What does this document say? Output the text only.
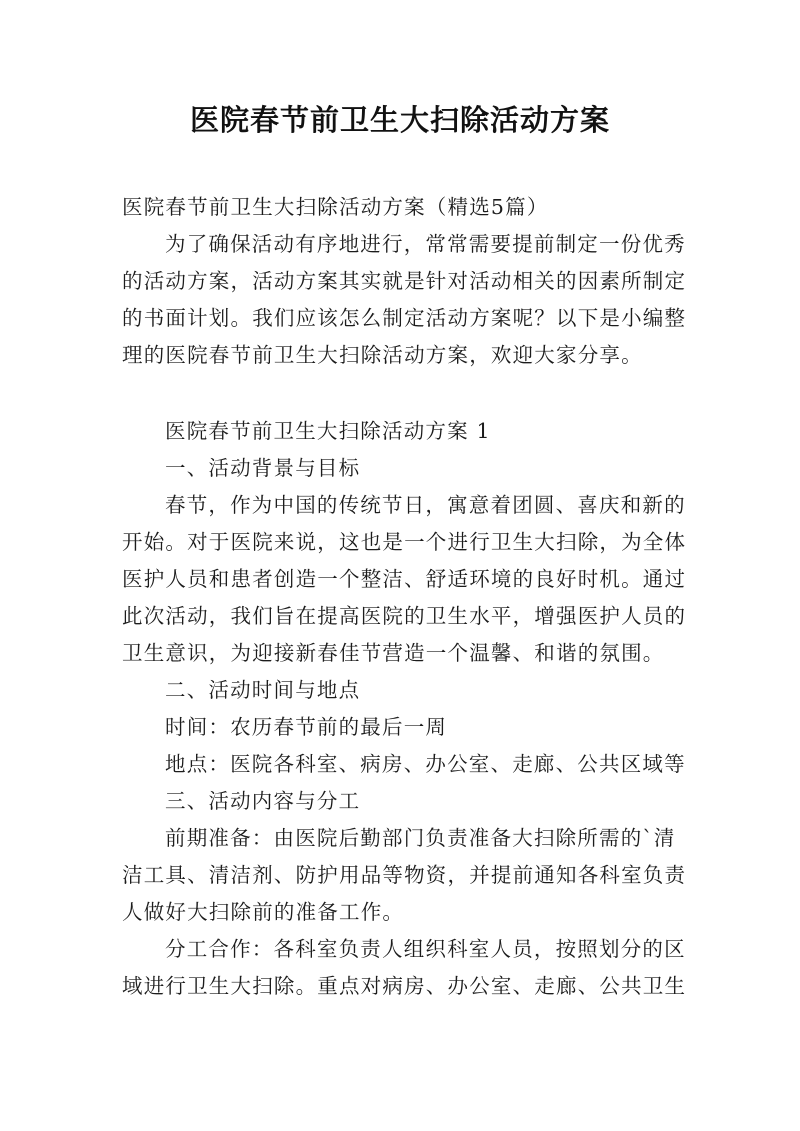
医院春节前卫生大扫除活动方案
医院春节前卫生大扫除活动方案（精选5篇）
为了确保活动有序地进行，常常需要提前制定一份优秀
的活动方案，活动方案其实就是针对活动相关的因素所制定
的书面计划。我们应该怎么制定活动方案呢？以下是小编整
理的医院春节前卫生大扫除活动方案，欢迎大家分享。
医院春节前卫生大扫除活动方案 1
一、活动背景与目标
春节，作为中国的传统节日，寓意着团圆、喜庆和新的
开始。对于医院来说，这也是一个进行卫生大扫除，为全体
医护人员和患者创造一个整洁、舒适环境的良好时机。通过
此次活动，我们旨在提高医院的卫生水平，增强医护人员的
卫生意识，为迎接新春佳节营造一个温馨、和谐的氛围。
二、活动时间与地点
时间：农历春节前的最后一周
地点：医院各科室、病房、办公室、走廊、公共区域等
三、活动内容与分工
前期准备：由医院后勤部门负责准备大扫除所需的`清
洁工具、清洁剂、防护用品等物资，并提前通知各科室负责
人做好大扫除前的准备工作。
分工合作：各科室负责人组织科室人员，按照划分的区
域进行卫生大扫除。重点对病房、办公室、走廊、公共卫生
